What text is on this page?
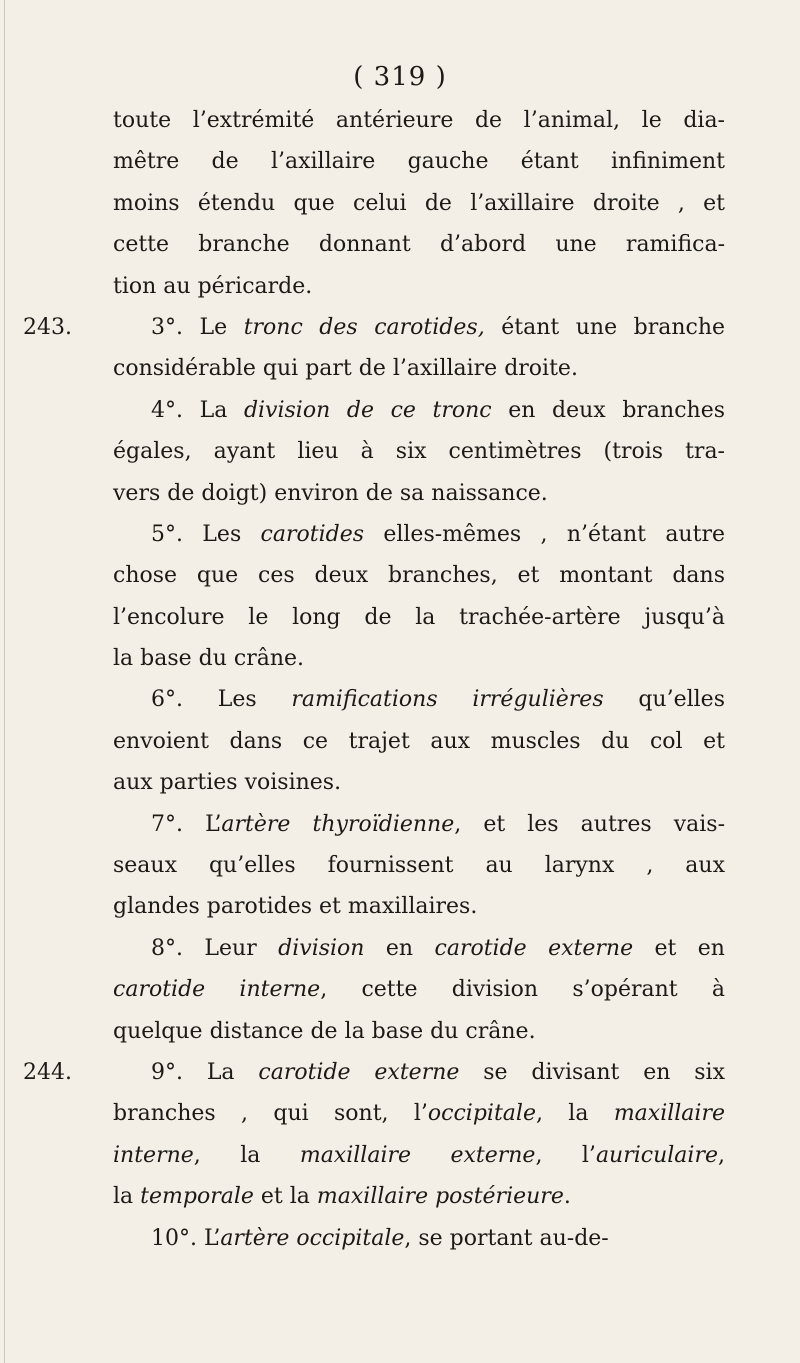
( 319 )
toute l’extrémité antérieure de l’animal, le dia-
mêtre de l’axillaire gauche étant infiniment
moins étendu que celui de l’axillaire droite , et
cette branche donnant d’abord une ramifica-
tion au péricarde.
243.	3°. Le tronc des carotides, étant une branche
considérable qui part de l’axillaire droite.
4°. La division de ce tronc en deux branches
égales, ayant lieu à six centimètres (trois tra-
vers de doigt) environ de sa naissance.
5°. Les carotides elles-mêmes , n’étant autre
chose que ces deux branches, et montant dans
l’encolure le long de la trachée-artère jusqu’à
la base du crâne.
6°. Les ramifications irrégulières qu’elles
envoient dans ce trajet aux muscles du col et
aux parties voisines.
7°. L’artère thyroïdienne, et les autres vais-
seaux qu’elles fournissent au larynx , aux
glandes parotides et maxillaires.
8°. Leur division en carotide externe et en
carotide interne, cette division s’opérant à
quelque distance de la base du crâne.
244.	9°. La carotide externe se divisant en six
branches , qui sont, l’occipitale, la maxillaire
interne, la maxillaire externe, l’auriculaire,
la temporale et la maxillaire postérieure.
10°. L’artère occipitale, se portant au-de-
